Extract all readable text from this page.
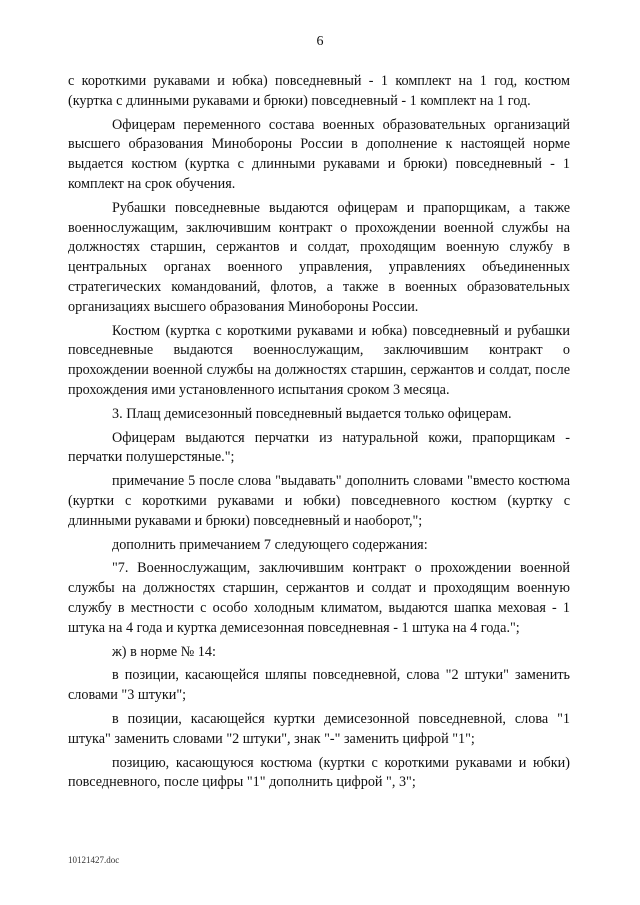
6

с короткими рукавами и юбка) повседневный - 1 комплект на 1 год, костюм (куртка с длинными рукавами и брюки) повседневный - 1 комплект на 1 год.

Офицерам переменного состава военных образовательных организаций высшего образования Минобороны России в дополнение к настоящей норме выдается костюм (куртка с длинными рукавами и брюки) повседневный - 1 комплект на срок обучения.

Рубашки повседневные выдаются офицерам и прапорщикам, а также военнослужащим, заключившим контракт о прохождении военной службы на должностях старшин, сержантов и солдат, проходящим военную службу в центральных органах военного управления, управлениях объединенных стратегических командований, флотов, а также в военных образовательных организациях высшего образования Минобороны России.

Костюм (куртка с короткими рукавами и юбка) повседневный и рубашки повседневные выдаются военнослужащим, заключившим контракт о прохождении военной службы на должностях старшин, сержантов и солдат, после прохождения ими установленного испытания сроком 3 месяца.

3. Плащ демисезонный повседневный выдается только офицерам.

Офицерам выдаются перчатки из натуральной кожи, прапорщикам - перчатки полушерстяные.";

примечание 5 после слова "выдавать" дополнить словами "вместо костюма (куртки с короткими рукавами и юбки) повседневного костюм (куртку с длинными рукавами и брюки) повседневный и наоборот,";

дополнить примечанием 7 следующего содержания:

"7. Военнослужащим, заключившим контракт о прохождении военной службы на должностях старшин, сержантов и солдат и проходящим военную службу в местности с особо холодным климатом, выдаются шапка меховая - 1 штука на 4 года и куртка демисезонная повседневная - 1 штука на 4 года.";

ж) в норме № 14:

в позиции, касающейся шляпы повседневной, слова "2 штуки" заменить словами "3 штуки";

в позиции, касающейся куртки демисезонной повседневной, слова "1 штука" заменить словами "2 штуки", знак "-" заменить цифрой "1";

позицию, касающуюся костюма (куртки с короткими рукавами и юбки) повседневного, после цифры "1" дополнить цифрой ", 3";

10121427.doc
